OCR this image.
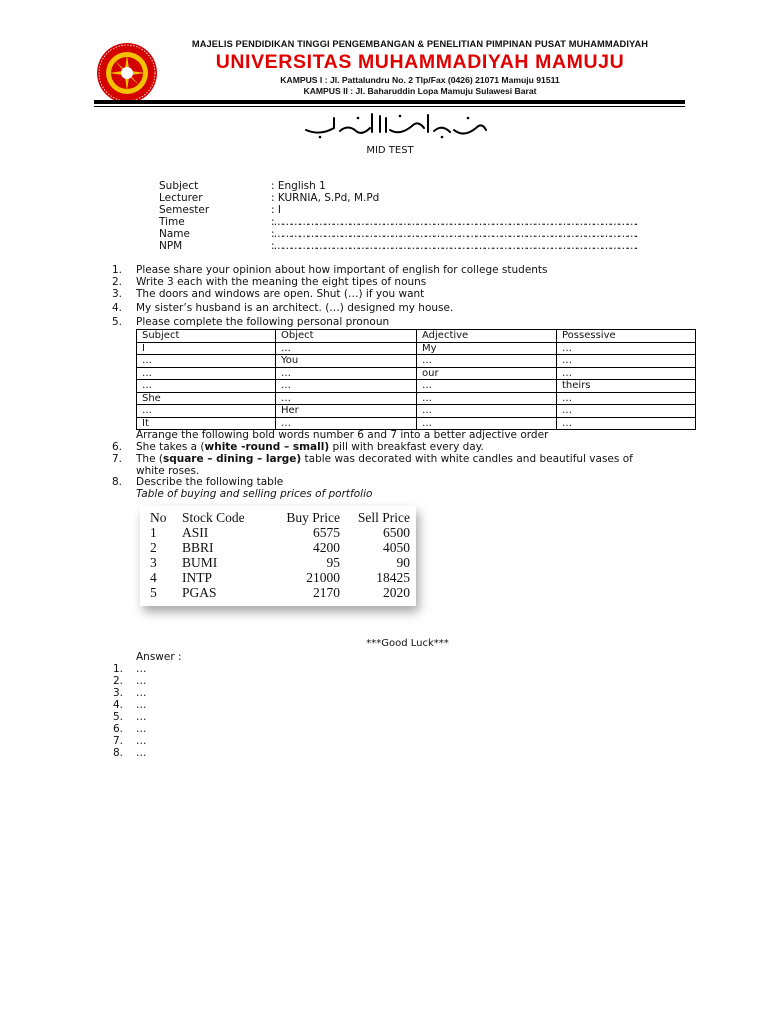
MAJELIS PENDIDIKAN TINGGI PENGEMBANGAN & PENELITIAN PIMPINAN PUSAT MUHAMMADIYAH
UNIVERSITAS MUHAMMADIYAH MAMUJU
KAMPUS I : Jl. Pattalundru No. 2 Tlp/Fax (0426) 21071 Mamuju 91511
KAMPUS II : Jl. Baharuddin Lopa Mamuju Sulawesi Barat
MID TEST
Subject	: English 1
Lecturer	: KURNIA, S.Pd, M.Pd
Semester	: I
Time	: ………………………………………………………………………………………………………………….
Name	: ………………………………………………………………………………………………………………….
NPM	: ………………………………………………………………………………………………………………….
1. Please share your opinion about how important of english for college students
2. Write 3 each with the meaning the eight tipes of nouns
3. The doors and windows are open. Shut (…) if you want
4. My sister’s husband is an architect. (…) designed my house.
5. Please complete the following personal pronoun
Subject	Object	Adjective	Possessive
I	…	My	…
…	You	…	…
…	…	our	…
…	…	…	theirs
She	…	…	…
…	Her	…	…
It	…	…	…
Arrange the following bold words number 6 and 7 into a better adjective order
6. She takes a (white -round – small) pill with breakfast every day.
7. The (square – dining – large) table was decorated with white candles and beautiful vases of
white roses.
8. Describe the following table
Table of buying and selling prices of portfolio
No	Stock Code	Buy Price	Sell Price
1	ASII	6575	6500
2	BBRI	4200	4050
3	BUMI	95	90
4	INTP	21000	18425
5	PGAS	2170	2020
***Good Luck***
Answer :
1. …
2. …
3. …
4. …
5. …
6. …
7. …
8. …
